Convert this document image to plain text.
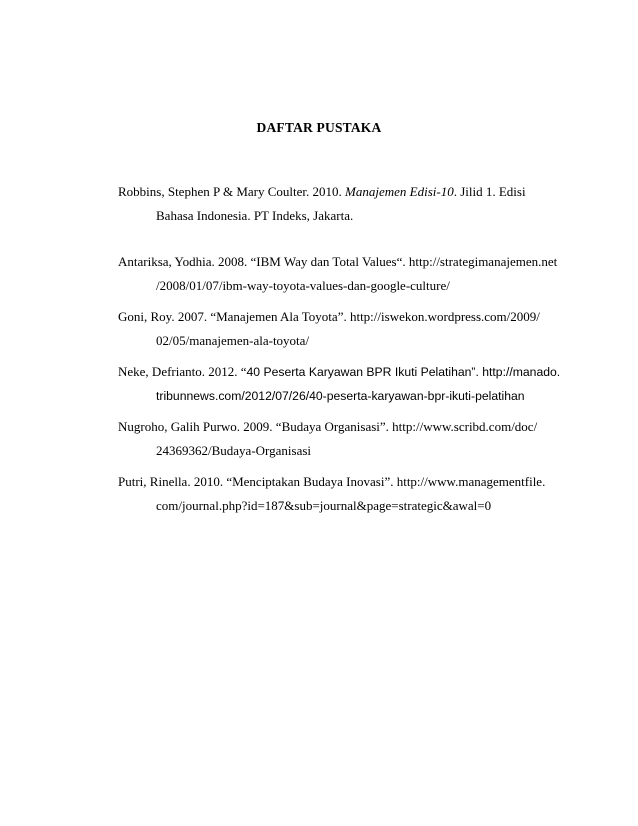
DAFTAR PUSTAKA
Robbins, Stephen P & Mary Coulter. 2010. Manajemen Edisi-10. Jilid 1. Edisi
Bahasa Indonesia. PT Indeks, Jakarta.
Antariksa, Yodhia. 2008. “IBM Way dan Total Values“. http://strategimanajemen.net
/2008/01/07/ibm-way-toyota-values-dan-google-culture/
Goni, Roy. 2007. “Manajemen Ala Toyota”. http://iswekon.wordpress.com/2009/
02/05/manajemen-ala-toyota/
Neke, Defrianto. 2012. “40 Peserta Karyawan BPR Ikuti Pelatihan”. http://manado.
tribunnews.com/2012/07/26/40-peserta-karyawan-bpr-ikuti-pelatihan
Nugroho, Galih Purwo. 2009. “Budaya Organisasi”. http://www.scribd.com/doc/
24369362/Budaya-Organisasi
Putri, Rinella. 2010. “Menciptakan Budaya Inovasi”. http://www.managementfile.
com/journal.php?id=187&sub=journal&page=strategic&awal=0
